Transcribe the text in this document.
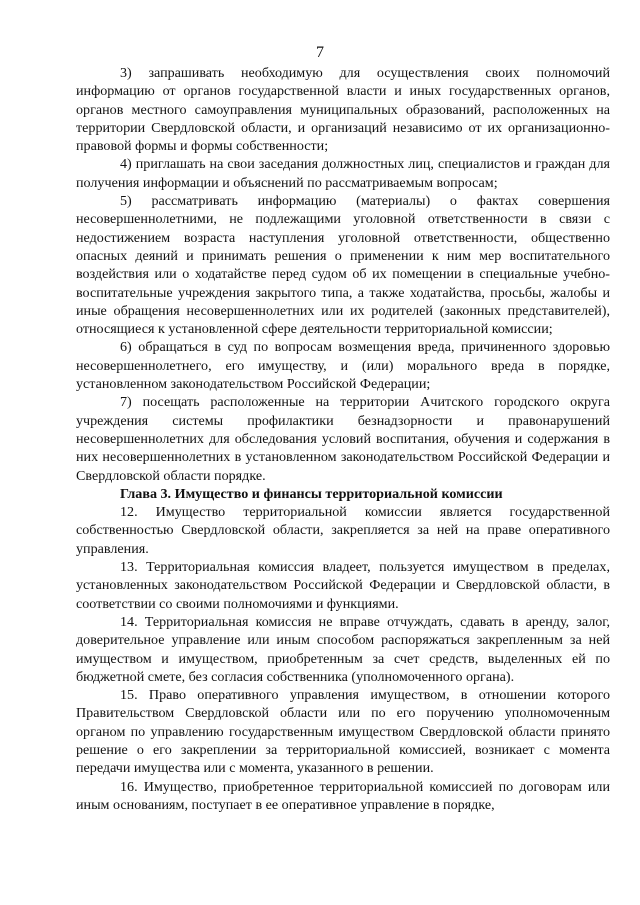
7

3) запрашивать необходимую для осуществления своих полномочий информацию от органов государственной власти и иных государственных органов, органов местного самоуправления муниципальных образований, расположенных на территории Свердловской области, и организаций независимо от их организационно-правовой формы и формы собственности;

4) приглашать на свои заседания должностных лиц, специалистов и граждан для получения информации и объяснений по рассматриваемым вопросам;

5) рассматривать информацию (материалы) о фактах совершения несовершеннолетними, не подлежащими уголовной ответственности в связи с недостижением возраста наступления уголовной ответственности, общественно опасных деяний и принимать решения о применении к ним мер воспитательного воздействия или о ходатайстве перед судом об их помещении в специальные учебно-воспитательные учреждения закрытого типа, а также ходатайства, просьбы, жалобы и иные обращения несовершеннолетних или их родителей (законных представителей), относящиеся к установленной сфере деятельности территориальной комиссии;

6) обращаться в суд по вопросам возмещения вреда, причиненного здоровью несовершеннолетнего, его имуществу, и (или) морального вреда в порядке, установленном законодательством Российской Федерации;

7) посещать расположенные на территории Ачитского городского округа учреждения системы профилактики безнадзорности и правонарушений несовершеннолетних для обследования условий воспитания, обучения и содержания в них несовершеннолетних в установленном законодательством Российской Федерации и Свердловской области порядке.

Глава 3. Имущество и финансы территориальной комиссии

12. Имущество территориальной комиссии является государственной собственностью Свердловской области, закрепляется за ней на праве оперативного управления.

13. Территориальная комиссия владеет, пользуется имуществом в пределах, установленных законодательством Российской Федерации и Свердловской области, в соответствии со своими полномочиями и функциями.

14. Территориальная комиссия не вправе отчуждать, сдавать в аренду, залог, доверительное управление или иным способом распоряжаться закрепленным за ней имуществом и имуществом, приобретенным за счет средств, выделенных ей по бюджетной смете, без согласия собственника (уполномоченного органа).

15. Право оперативного управления имуществом, в отношении которого Правительством Свердловской области или по его поручению уполномоченным органом по управлению государственным имуществом Свердловской области принято решение о его закреплении за территориальной комиссией, возникает с момента передачи имущества или с момента, указанного в решении.

16. Имущество, приобретенное территориальной комиссией по договорам или иным основаниям, поступает в ее оперативное управление в порядке,
